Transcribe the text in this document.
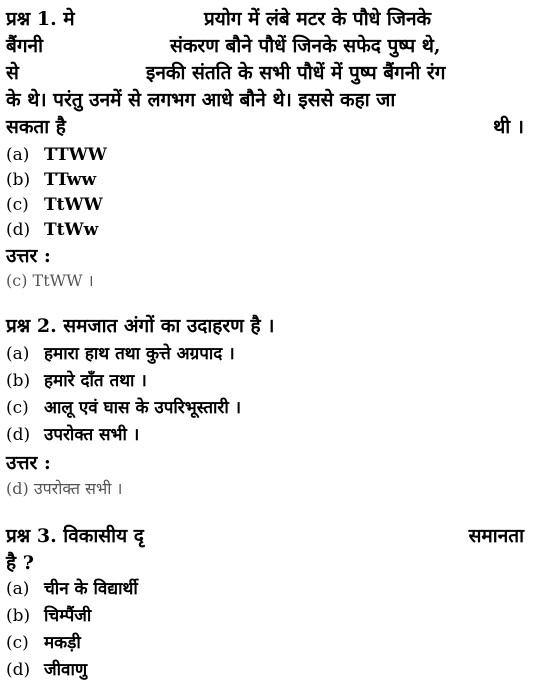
प्रश्न 1. मे	प्रयोग में लंबे मटर के पौधे जिनके
बैंगनी	संकरण बौने पौधें जिनके सफेद पुष्प थे,
से	इनकी संतति के सभी पौधें में पुष्प बैंगनी रंग
के थे। परंतु उनमें से लगभग आधे बौने थे। इससे कहा जा
सकता है	थी ।
(a) TTWW
(b) TTww
(c) TtWW
(d) TtWw
उत्तर :
(c) TtWW ।
प्रश्न 2. समजात अंगों का उदाहरण है ।
(a) हमारा हाथ तथा कुत्ते अग्रपाद ।
(b) हमारे दाँत तथा ।
(c) आलू एवं घास के उपरिभूस्तारी ।
(d) उपरोक्त सभी ।
उत्तर :
(d) उपरोक्त सभी ।
प्रश्न 3. विकासीय दृ	समानता
है ?
(a) चीन के विद्यार्थी
(b) चिम्पैंजी
(c) मकड़ी
(d) जीवाणु
